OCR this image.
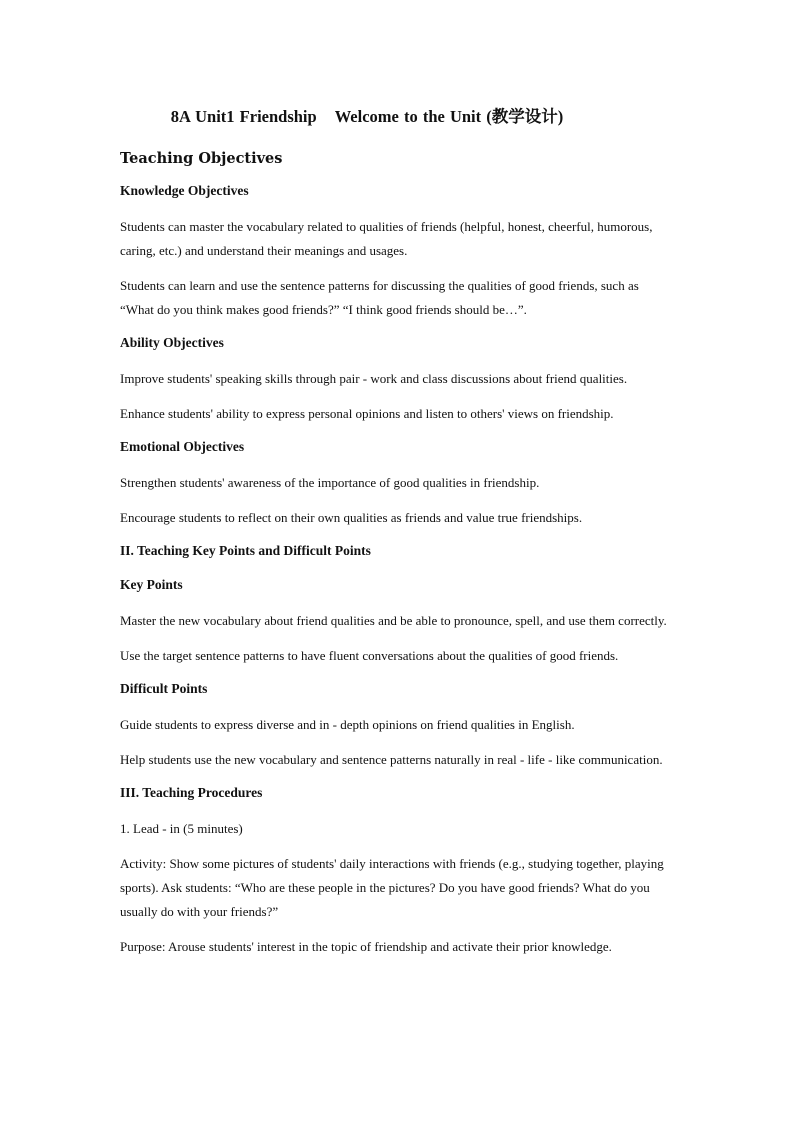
8A Unit1 Friendship Welcome to the Unit (教学设计)
Teaching Objectives
Knowledge Objectives

Students can master the vocabulary related to qualities of friends (helpful, honest, cheerful, humorous, caring, etc.) and understand their meanings and usages.

Students can learn and use the sentence patterns for discussing the qualities of good friends, such as “What do you think makes good friends?” “I think good friends should be…”.

Ability Objectives

Improve students' speaking skills through pair - work and class discussions about friend qualities.

Enhance students' ability to express personal opinions and listen to others' views on friendship.

Emotional Objectives

Strengthen students' awareness of the importance of good qualities in friendship.

Encourage students to reflect on their own qualities as friends and value true friendships.

II. Teaching Key Points and Difficult Points
Key Points

Master the new vocabulary about friend qualities and be able to pronounce, spell, and use them correctly.

Use the target sentence patterns to have fluent conversations about the qualities of good friends.

Difficult Points

Guide students to express diverse and in - depth opinions on friend qualities in English.

Help students use the new vocabulary and sentence patterns naturally in real - life - like communication.

III. Teaching Procedures

1. Lead - in (5 minutes)

Activity: Show some pictures of students' daily interactions with friends (e.g., studying together, playing sports). Ask students: “Who are these people in the pictures? Do you have good friends? What do you usually do with your friends?”

Purpose: Arouse students' interest in the topic of friendship and activate their prior knowledge.
